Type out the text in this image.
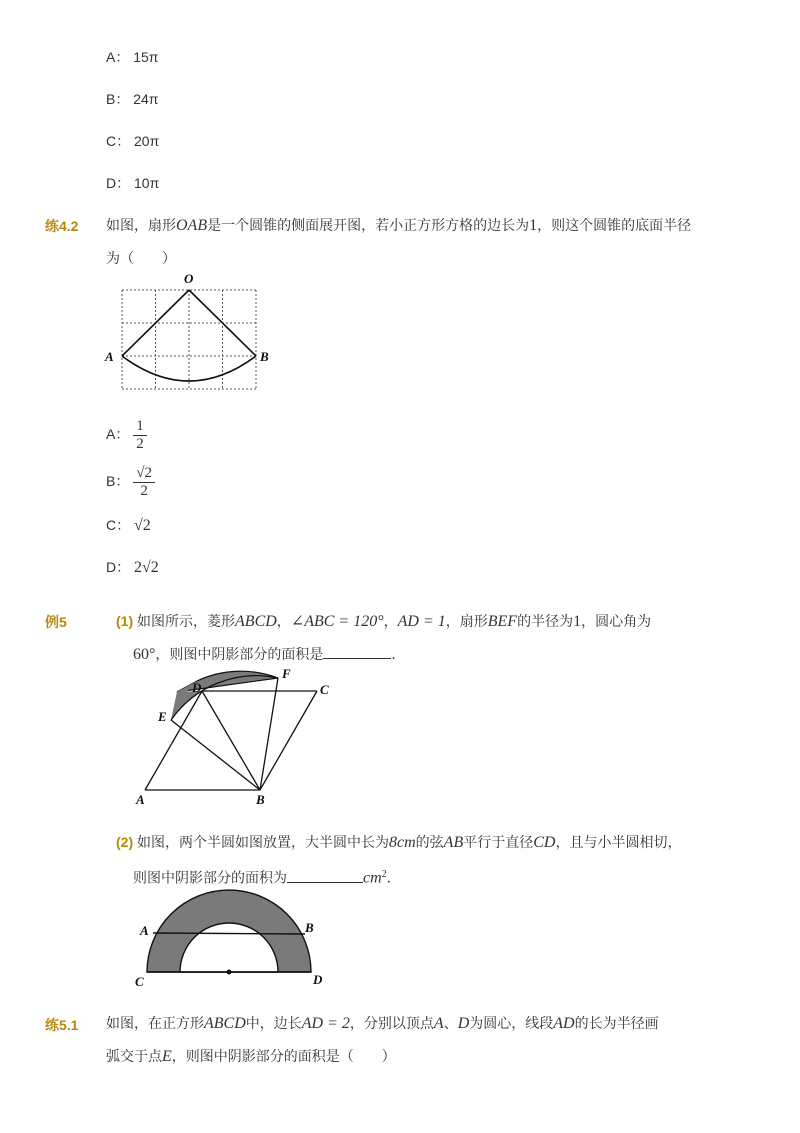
A： 15π
B： 24π
C： 20π
D： 10π
练4.2 如图，扇形OAB是一个圆锥的侧面展开图，若小正方形方格的边长为1，则这个圆锥的底面半径
为（　　）
O
A	B
A： $\frac{1}{2}$
B： $\frac{√2}{2}$
C： √2
D： 2√2
例5	(1) 如图所示，菱形ABCD，∠ABC = 120°，AD = 1，扇形BEF的半径为1，圆心角为
60°，则图中阴影部分的面积是	．
A	B
C
D
E
F
(2) 如图，两个半圆如图放置，大半圆中长为8cm的弦AB平行于直径CD，且与小半圆相切，
则图中阴影部分的面积为	$cm^2$．
A	B
C	D
练5.1 如图，在正方形ABCD中，边长AD = 2，分别以顶点A、D为圆心，线段AD的长为半径画
弧交于点E，则图中阴影部分的面积是（　　）
